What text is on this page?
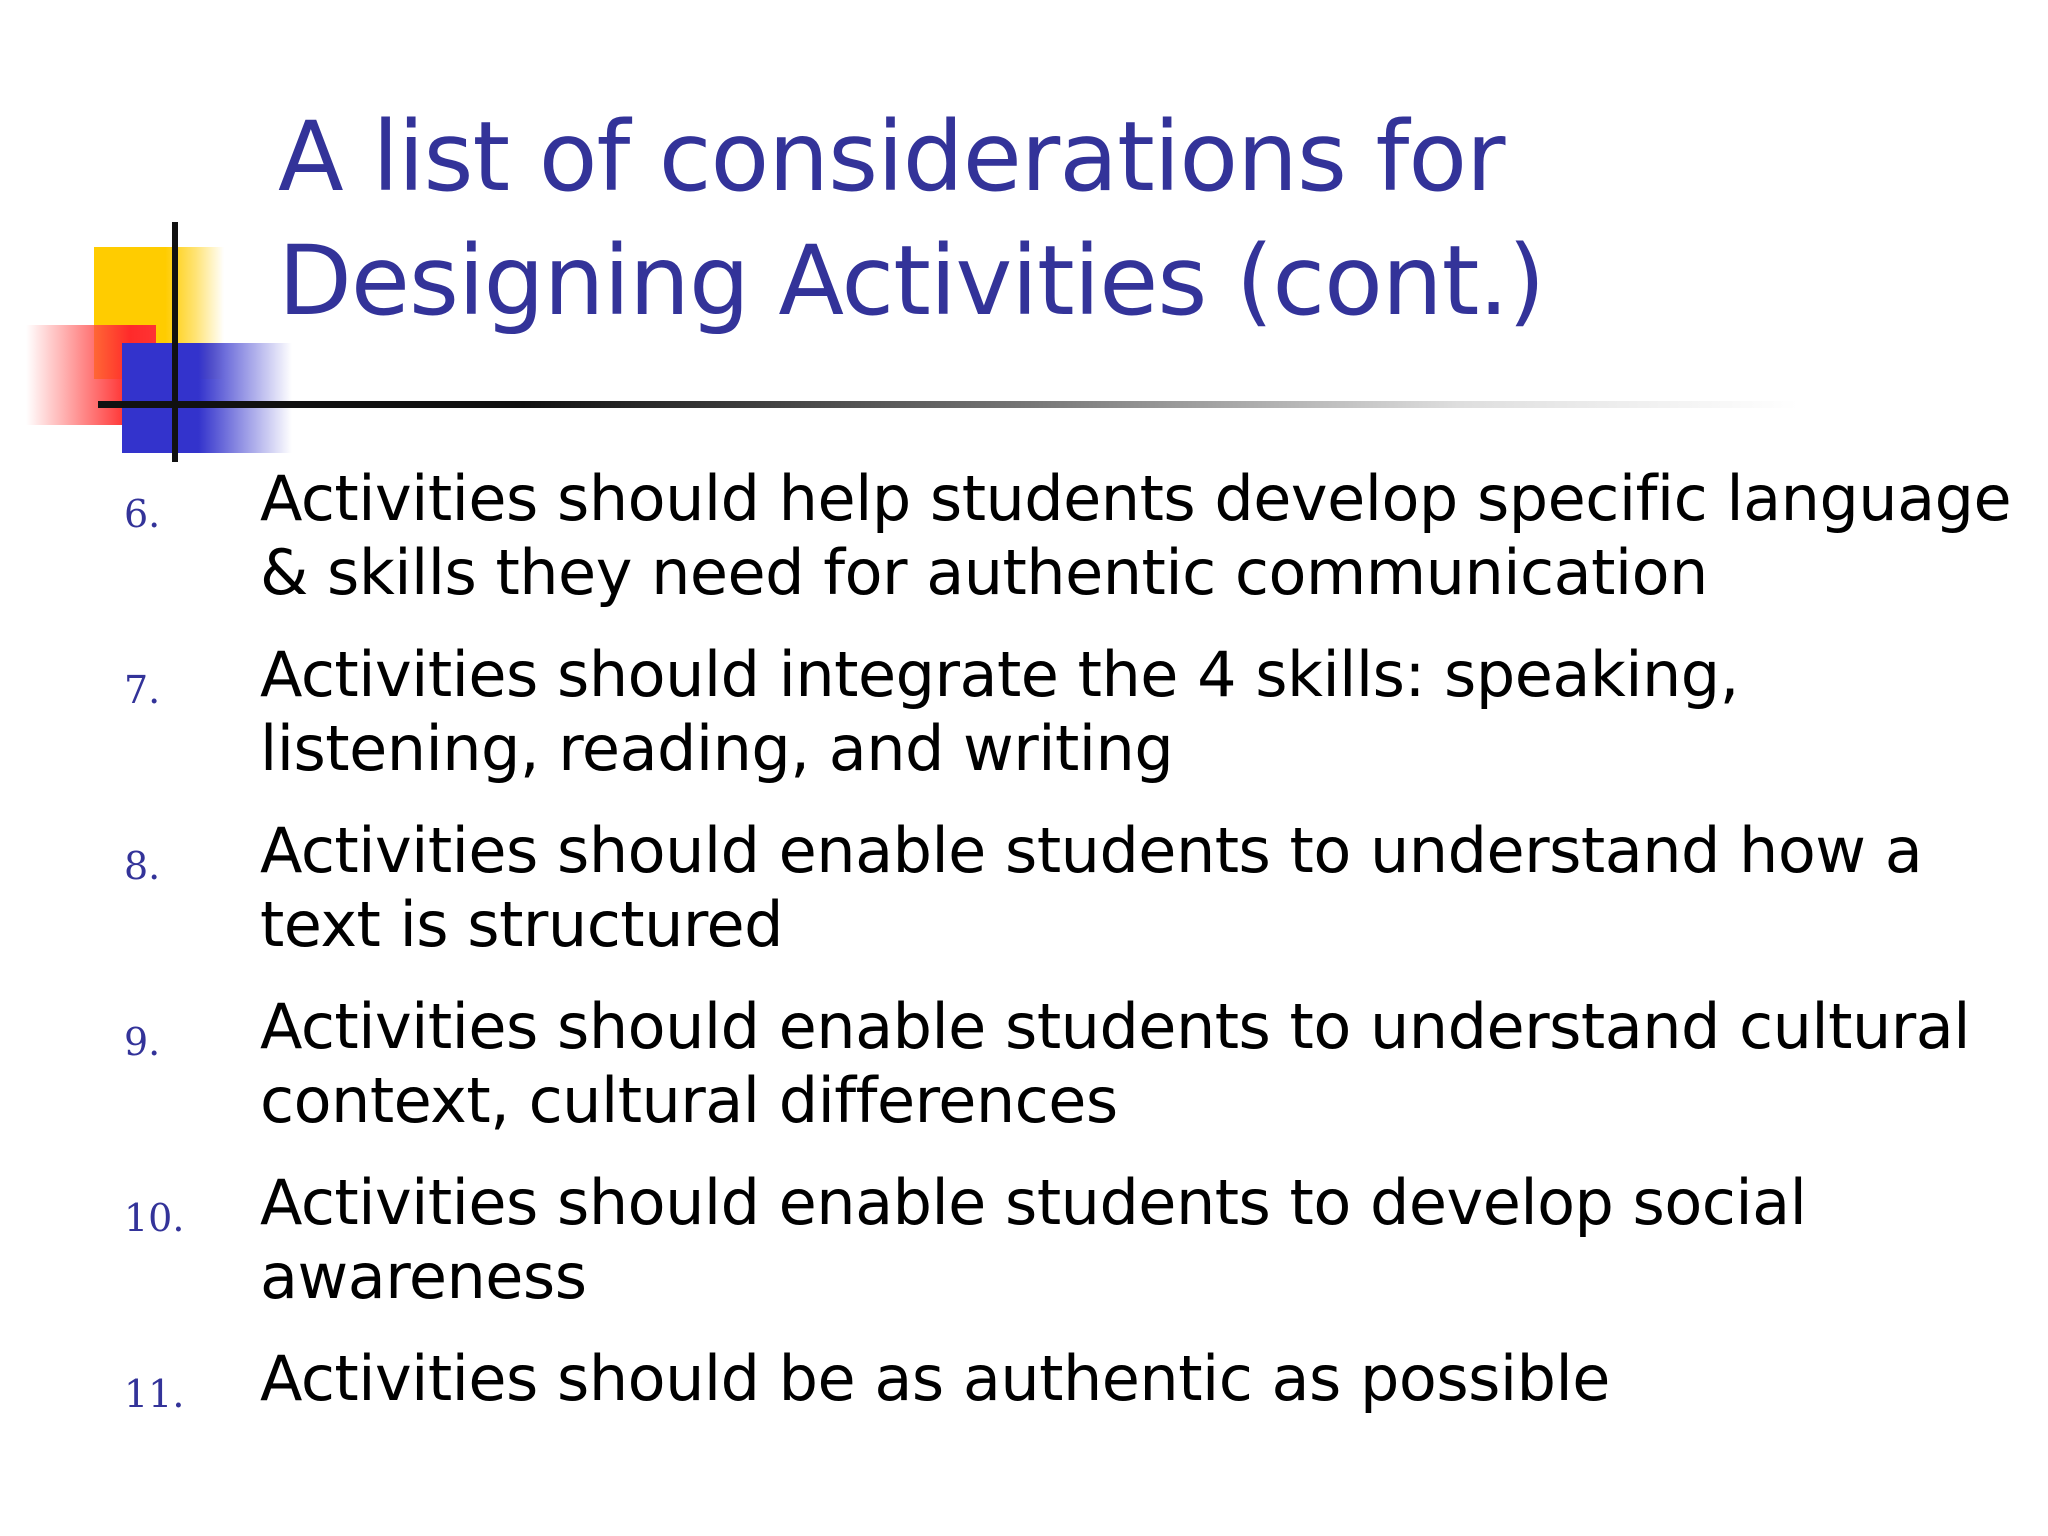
A list of considerations for Designing Activities (cont.)
6. Activities should help students develop specific language & skills they need for authentic communication
7. Activities should integrate the 4 skills: speaking, listening, reading, and writing
8. Activities should enable students to understand how a text is structured
9. Activities should enable students to understand cultural context, cultural differences
10. Activities should enable students to develop social awareness
11. Activities should be as authentic as possible
